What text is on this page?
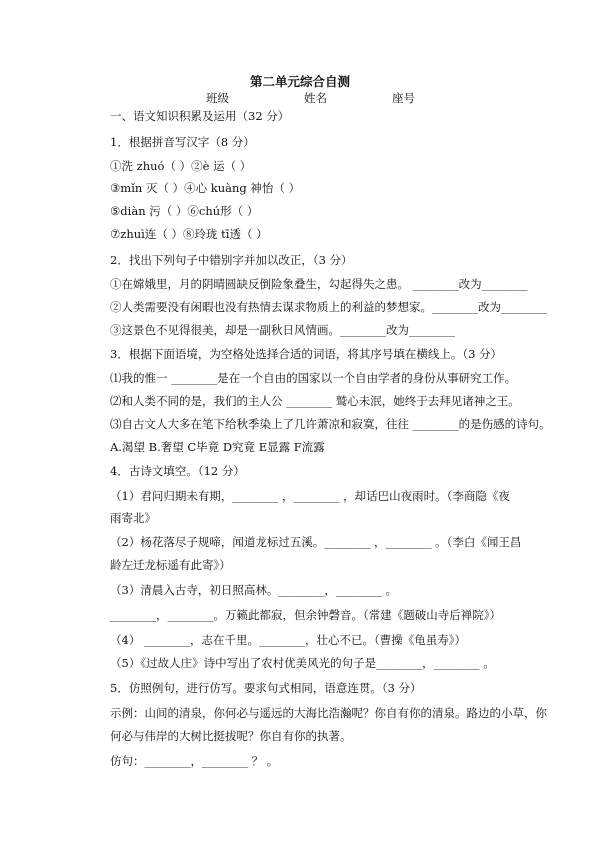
第二单元综合自测
班级	姓名	座号
一、语文知识积累及运用（32 分）
1．根据拼音写汉字（8 分）
①洗 zhuó（ ）②è 运（ ）
③mǐn 灭（ ）④心 kuàng 神怡（ ）
⑤diàn 污（ ）⑥chú形（ ）
⑦zhuì连（ ）⑧玲珑 tī透（ ）
2．找出下列句子中错别字并加以改正，（3 分）
①在嫦娥里，月的阴晴圆缺反倒险象叠生，勾起得失之患。 ________改为________
②人类需要没有闲暇也没有热情去谋求物质上的利益的梦想家。________改为________
③这景色不见得很美，却是一副秋日风情画。________改为________
3．根据下面语境，为空格处选择合适的词语，将其序号填在横线上。（3 分）
⑴我的惟一 ________是在一个自由的国家以一个自由学者的身份从事研究工作。
⑵和人类不同的是，我们的主人公 ________ 鹫心未泯，她终于去拜见诸神之王。
⑶自古文人大多在笔下给秋季染上了几许萧凉和寂寞，往往 ________的是伤感的诗句。
A.渴望 B.奢望 C毕竟 D究竟 E显露 F流露
4．古诗文填空。（12 分）
（1）君问归期未有期，________ ，________ ，却话巴山夜雨时。（李商隐《夜
雨寄北》
（2）杨花落尽子规啼，闻道龙标过五溪。________ ，________ 。（李白《闻王昌
龄左迁龙标遥有此寄》）
（3）清晨入古寺，初日照高林。________，________ 。
________，________。万籁此都寂，但余钟磬音。（常建《题破山寺后禅院》）
（4） ________，志在千里。________，壮心不已。（曹操《龟虽寿》）
（5）《过故人庄》诗中写出了农村优美风光的句子是________，________ 。
5．仿照例句，进行仿写。要求句式相同，语意连贯。（3 分）
示例：山间的清泉，你何必与遥远的大海比浩瀚呢？你自有你的清泉。路边的小草，你
何必与伟岸的大树比挺拔呢？你自有你的执著。
仿句：________，________ ？ 。
